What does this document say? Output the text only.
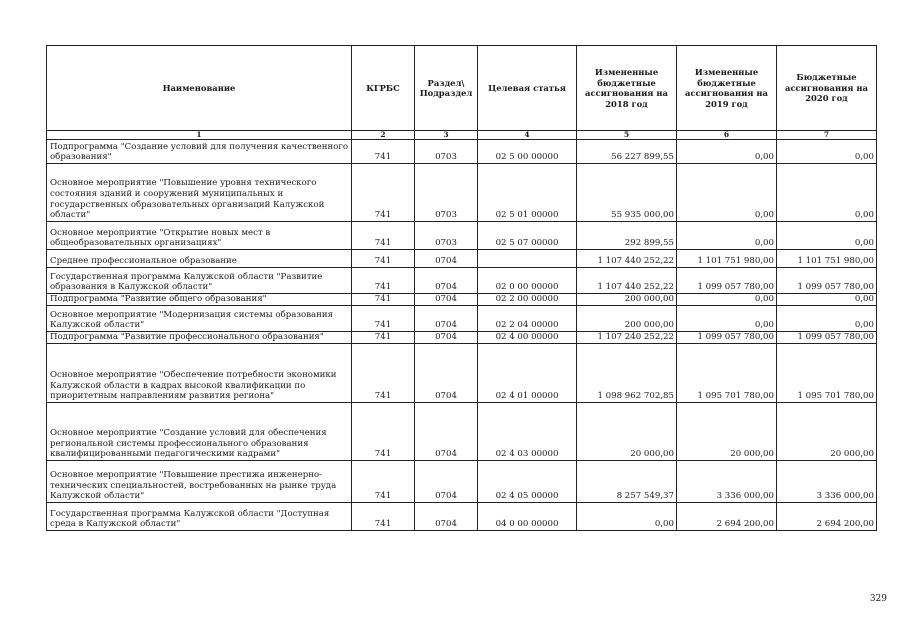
Наименование	КГРБС	Раздел\ Подраздел	Целевая статья	Измененные бюджетные ассигнования на 2018 год	Измененные бюджетные ассигнования на 2019 год	Бюджетные ассигнования на 2020 год
1	2	3	4	5	6	7
Подпрограмма "Создание условий для получения качественного образования"	741	0703	02 5 00 00000	56 227 899,55	0,00	0,00
Основное мероприятие "Повышение уровня технического состояния зданий и сооружений муниципальных и государственных образовательных организаций Калужской области"	741	0703	02 5 01 00000	55 935 000,00	0,00	0,00
Основное мероприятие "Открытие новых мест в общеобразовательных организациях"	741	0703	02 5 07 00000	292 899,55	0,00	0,00
Среднее профессиональное образование	741	0704		1 107 440 252,22	1 101 751 980,00	1 101 751 980,00
Государственная программа Калужской области "Развитие образования в Калужской области"	741	0704	02 0 00 00000	1 107 440 252,22	1 099 057 780,00	1 099 057 780,00
Подпрограмма "Развитие общего образования"	741	0704	02 2 00 00000	200 000,00	0,00	0,00
Основное мероприятие "Модернизация системы образования Калужской области"	741	0704	02 2 04 00000	200 000,00	0,00	0,00
Подпрограмма "Развитие профессионального образования"	741	0704	02 4 00 00000	1 107 240 252,22	1 099 057 780,00	1 099 057 780,00
Основное мероприятие "Обеспечение потребности экономики Калужской области в кадрах высокой квалификации по приоритетным направлениям развития региона"	741	0704	02 4 01 00000	1 098 962 702,85	1 095 701 780,00	1 095 701 780,00
Основное мероприятие "Создание условий для обеспечения региональной системы профессионального образования квалифицированными педагогическими кадрами"	741	0704	02 4 03 00000	20 000,00	20 000,00	20 000,00
Основное мероприятие "Повышение престижа инженерно-технических специальностей, востребованных на рынке труда Калужской области"	741	0704	02 4 05 00000	8 257 549,37	3 336 000,00	3 336 000,00
Государственная программа Калужской области "Доступная среда в Калужской области"	741	0704	04 0 00 00000	0,00	2 694 200,00	2 694 200,00
329
